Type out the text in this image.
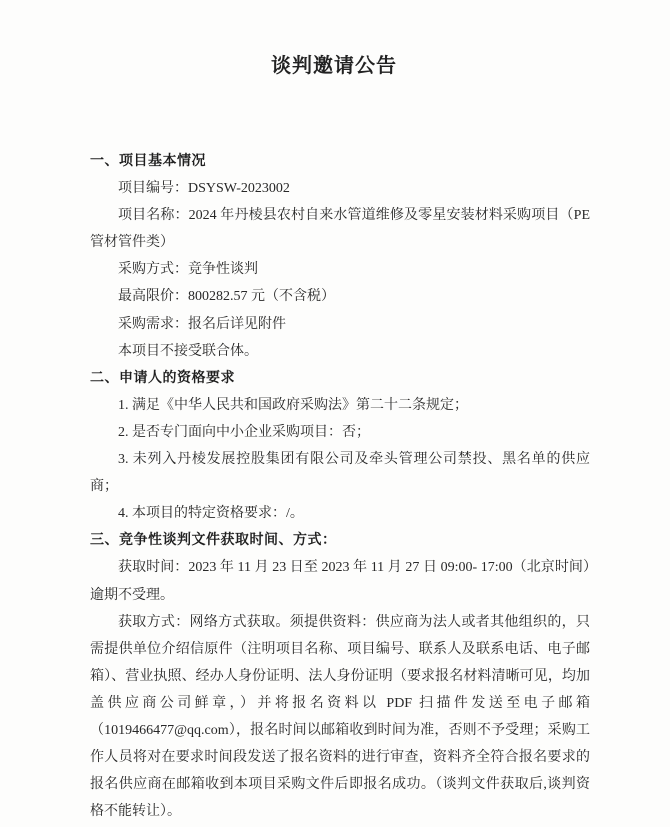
谈判邀请公告

一、项目基本情况

项目编号：DSYSW-2023002

项目名称：2024 年丹棱县农村自来水管道维修及零星安装材料采购项目（PE 管材管件类）

采购方式：竞争性谈判

最高限价：800282.57 元（不含税）

采购需求：报名后详见附件

本项目不接受联合体。

二、申请人的资格要求

1. 满足《中华人民共和国政府采购法》第二十二条规定；

2. 是否专门面向中小企业采购项目：否；

3. 未列入丹棱发展控股集团有限公司及牵头管理公司禁投、黑名单的供应商；

4. 本项目的特定资格要求：/。

三、竞争性谈判文件获取时间、方式：

获取时间：2023 年 11 月 23 日至 2023 年 11 月 27 日 09:00- 17:00（北京时间）逾期不受理。

获取方式：网络方式获取。须提供资料：供应商为法人或者其他组织的，只需提供单位介绍信原件（注明项目名称、项目编号、联系人及联系电话、电子邮箱）、营业执照、经办人身份证明、法人身份证明（要求报名材料清晰可见，均加盖供应商公司鲜章，）并将报名资料以 PDF 扫描件发送至电子邮箱（1019466477@qq.com），报名时间以邮箱收到时间为准，否则不予受理；采购工作人员将对在要求时间段发送了报名资料的进行审查，资料齐全符合报名要求的报名供应商在邮箱收到本项目采购文件后即报名成功。（谈判文件获取后,谈判资格不能转让）。
